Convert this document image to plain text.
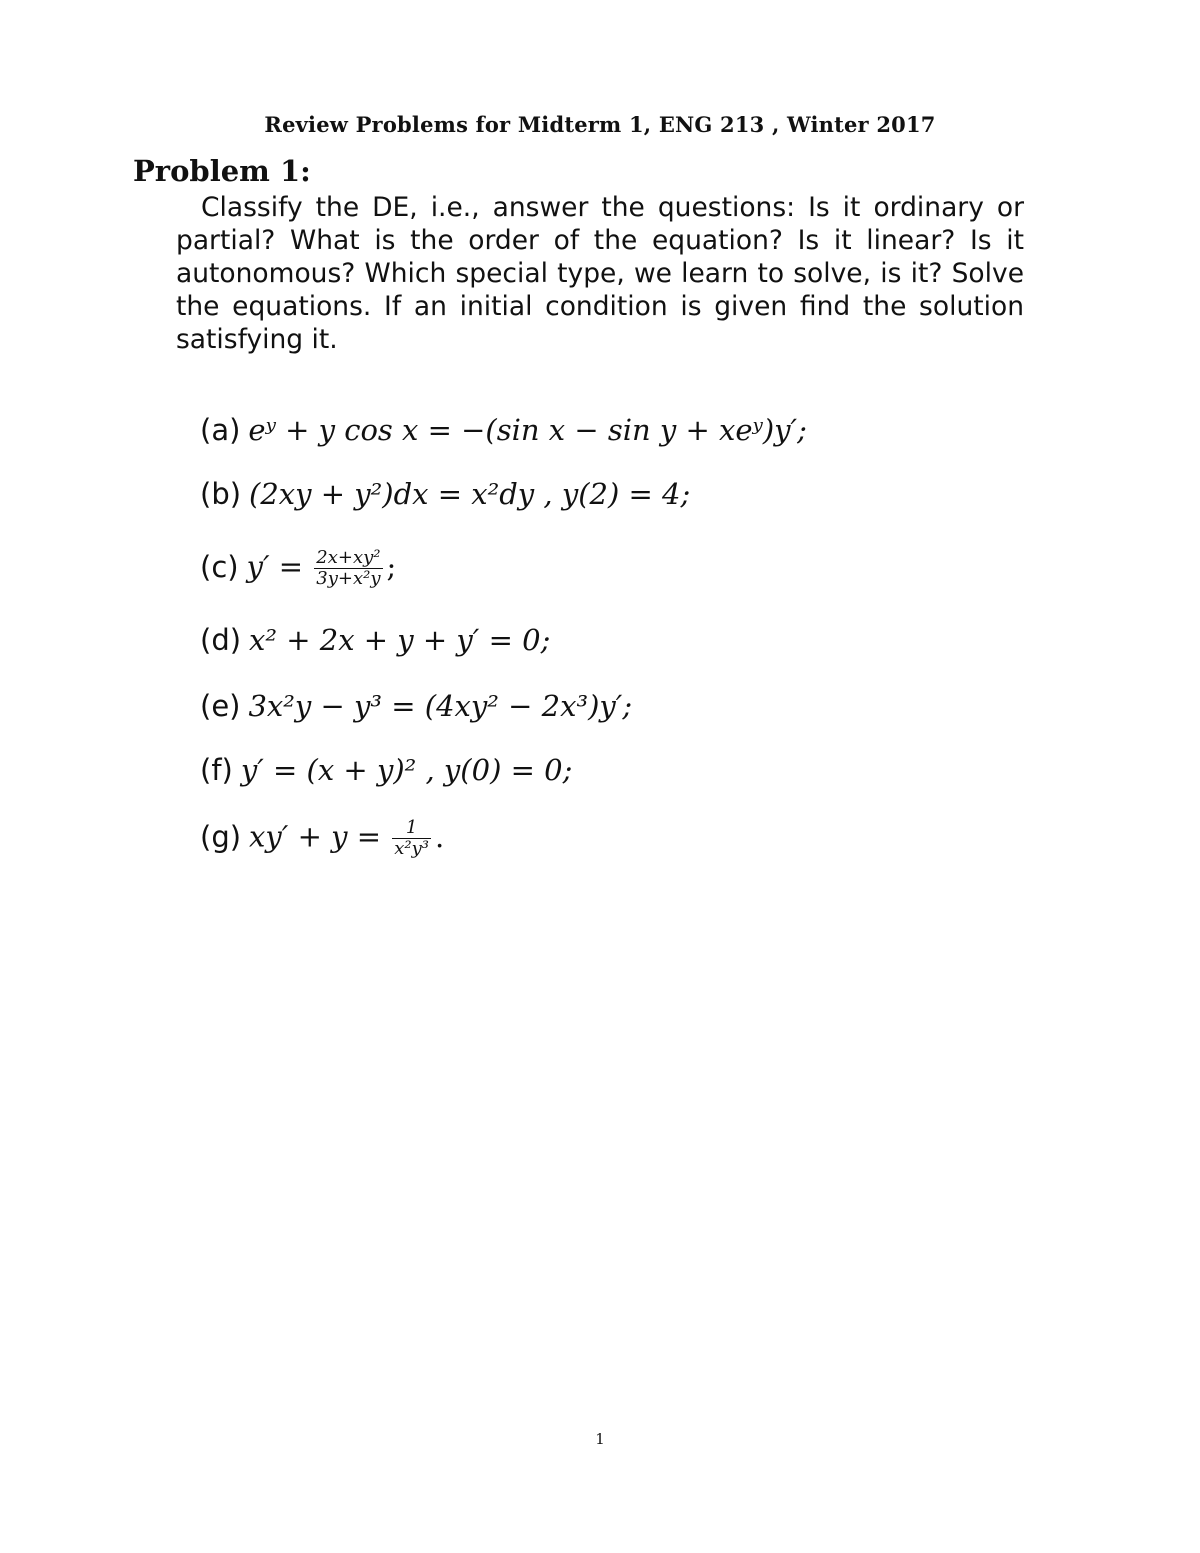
Review Problems for Midterm 1, ENG 213 , Winter 2017
Problem 1:
Classify the DE, i.e., answer the questions: Is it ordinary or partial? What is the order of the equation? Is it linear? Is it autonomous? Which special type, we learn to solve, is it? Solve the equations. If an initial condition is given find the solution satisfying it.
(a) eʸ + y cos x = −(sin x − sin y + xeʸ)y′;
(b) (2xy + y²)dx = x²dy , y(2) = 4;
(c) $y' = \frac{\text{2x+xy²}}{\text{3y+x²y}}$ ;
(d) x² + 2x + y + y′ = 0;
(e) 3x²y − y³ = (4xy² − 2x³)y′;
(f) y′ = (x + y)² , y(0) = 0;
(g) $xy' + y = \frac{1}{\text{x²y³}}$ .
1
